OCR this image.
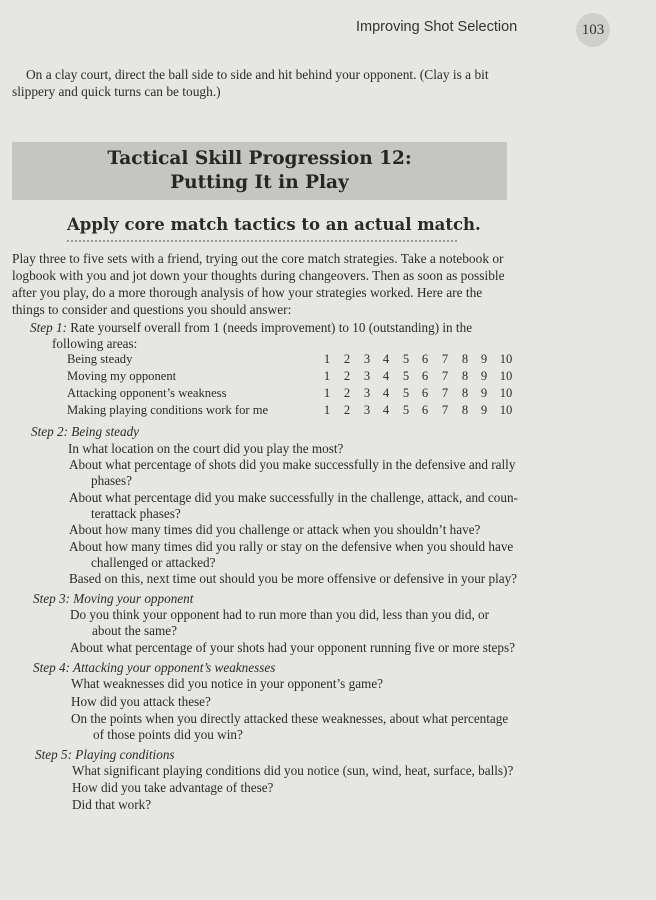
Improving Shot Selection	103
On a clay court, direct the ball side to side and hit behind your opponent. (Clay is a bit slippery and quick turns can be tough.)
Tactical Skill Progression 12:
Putting It in Play
Apply core match tactics to an actual match.
Play three to five sets with a friend, trying out the core match strategies. Take a notebook or logbook with you and jot down your thoughts during changeovers. Then as soon as possible after you play, do a more thorough analysis of how your strategies worked. Here are the things to consider and questions you should answer:
Step 1: Rate yourself overall from 1 (needs improvement) to 10 (outstanding) in the
following areas:
Being steady	1	2	3	4	5	6	7	8	9 10
Moving my opponent	1	2	3	4	5	6	7	8	9 10
Attacking opponent’s weakness	1	2	3	4	5	6	7	8	9 10
Making playing conditions work for me	1	2	3	4	5	6	7	8	9 10
Step 2: Being steady
In what location on the court did you play the most?
About what percentage of shots did you make successfully in the defensive and rally
phases?
About what percentage did you make successfully in the challenge, attack, and coun-
terattack phases?
About how many times did you challenge or attack when you shouldn’t have?
About how many times did you rally or stay on the defensive when you should have
challenged or attacked?
Based on this, next time out should you be more offensive or defensive in your play?
Step 3: Moving your opponent
Do you think your opponent had to run more than you did, less than you did, or
about the same?
About what percentage of your shots had your opponent running five or more steps?
Step 4: Attacking your opponent’s weaknesses
What weaknesses did you notice in your opponent’s game?
How did you attack these?
On the points when you directly attacked these weaknesses, about what percentage
of those points did you win?
Step 5: Playing conditions
What significant playing conditions did you notice (sun, wind, heat, surface, balls)?
How did you take advantage of these?
Did that work?
